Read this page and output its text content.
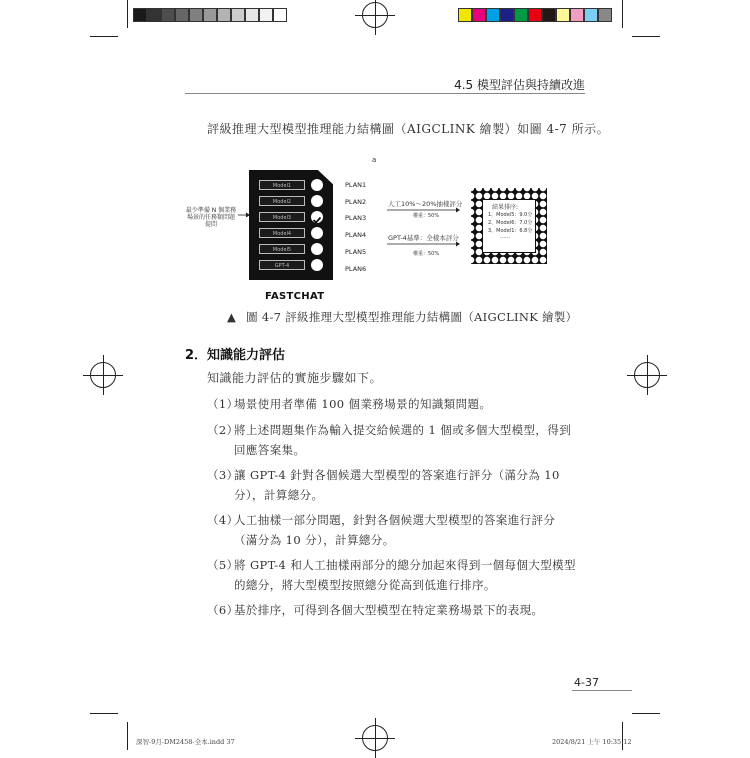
4.5 模型評估與持續改進
評級推理大型模型推理能力結構圖（AIGCLINK 繪製）如圖 4-7 所示。
a
最少準備 N 個業務場景的任務類問題提問
Model1
Model2
Model3
Model4
Model5
GPT-4
PLAN1
PLAN2
PLAN3
PLAN4
PLAN5
PLAN6
人工10%～20%抽樣評分
權重：50%
GPT-4基準：全樣本評分
權重：50%
結果排序:
1、Model5：9.0分
2、Model6：7.0分
3、Model1：6.8分
……
FASTCHAT
▲ 圖 4-7 評級推理大型模型推理能力結構圖（AIGCLINK 繪製）
2．知識能力評估
知識能力評估的實施步驟如下。
（1）
場景使用者準備 100 個業務場景的知識類問題。
（2）
將上述問題集作為輸入提交給候選的 1 個或多個大型模型，得到回應答案集。
（3）
讓 GPT-4 針對各個候選大型模型的答案進行評分（滿分為 10 分），計算總分。
（4）
人工抽樣一部分問題，針對各個候選大型模型的答案進行評分（滿分為 10 分），計算總分。
（5）
將 GPT-4 和人工抽樣兩部分的總分加起來得到一個每個大型模型的總分，將大型模型按照總分從高到低進行排序。
（6）
基於排序，可得到各個大型模型在特定業務場景下的表現。
4-37
深智-9月-DM2458-全本.indd 37	2024/8/21 上午 10:35:12
